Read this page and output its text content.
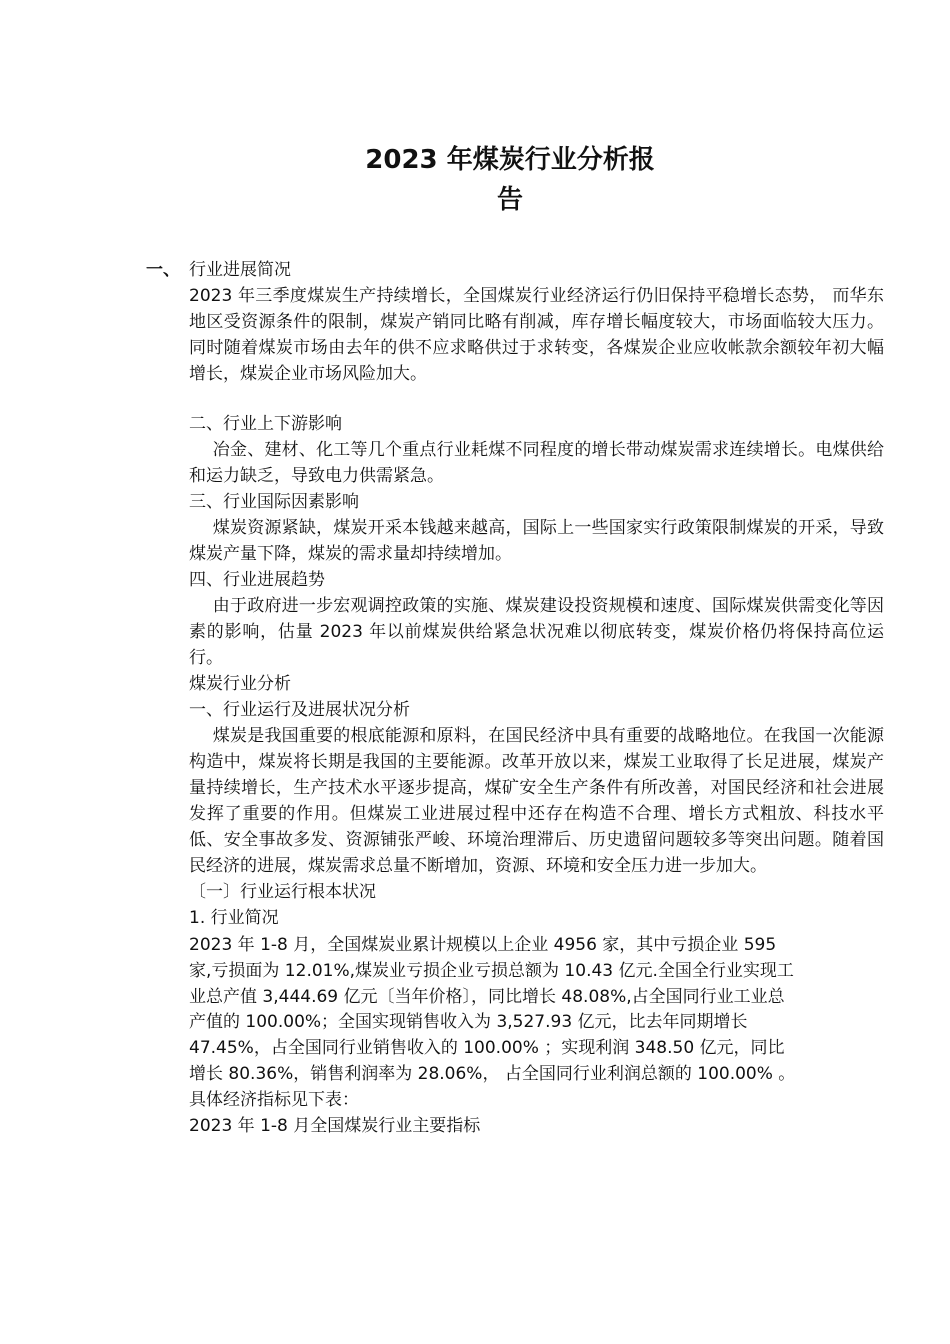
2023 年煤炭行业分析报
告
一、 行业进展简况

2023 年三季度煤炭生产持续增长，全国煤炭行业经济运行仍旧保持平稳增长态势， 而华东地区受资源条件的限制，煤炭产销同比略有削减，库存增长幅度较大，市场面临较大压力。同时随着煤炭市场由去年的供不应求略供过于求转变，各煤炭企业应收帐款余额较年初大幅增长，煤炭企业市场风险加大。

二、行业上下游影响

冶金、建材、化工等几个重点行业耗煤不同程度的增长带动煤炭需求连续增长。电煤供给和运力缺乏，导致电力供需紧急。

三、行业国际因素影响

煤炭资源紧缺，煤炭开采本钱越来越高，国际上一些国家实行政策限制煤炭的开采，导致煤炭产量下降，煤炭的需求量却持续增加。

四、行业进展趋势

由于政府进一步宏观调控政策的实施、煤炭建设投资规模和速度、国际煤炭供需变化等因素的影响，估量 2023 年以前煤炭供给紧急状况难以彻底转变，煤炭价格仍将保持高位运行。

煤炭行业分析

一、行业运行及进展状况分析

煤炭是我国重要的根底能源和原料，在国民经济中具有重要的战略地位。在我国一次能源构造中，煤炭将长期是我国的主要能源。改革开放以来，煤炭工业取得了长足进展，煤炭产量持续增长，生产技术水平逐步提高，煤矿安全生产条件有所改善，对国民经济和社会进展发挥了重要的作用。但煤炭工业进展过程中还存在构造不合理、增长方式粗放、科技水平低、安全事故多发、资源铺张严峻、环境治理滞后、历史遗留问题较多等突出问题。随着国民经济的进展，煤炭需求总量不断增加，资源、环境和安全压力进一步加大。

〔一〕行业运行根本状况

1. 行业简况

2023 年 1-8 月，全国煤炭业累计规模以上企业 4956 家，其中亏损企业 595

家,亏损面为 12.01%,煤炭业亏损企业亏损总额为 10.43 亿元.全国全行业实现工

业总产值 3,444.69 亿元〔当年价格〕，同比增长 48.08%,占全国同行业工业总

产值的 100.00%；全国实现销售收入为 3,527.93 亿元，比去年同期增长

47.45%，占全国同行业销售收入的 100.00% ；实现利润 348.50 亿元，同比

增长 80.36%，销售利润率为 28.06%， 占全国同行业利润总额的 100.00% 。

具体经济指标见下表：

2023 年 1-8 月全国煤炭行业主要指标
